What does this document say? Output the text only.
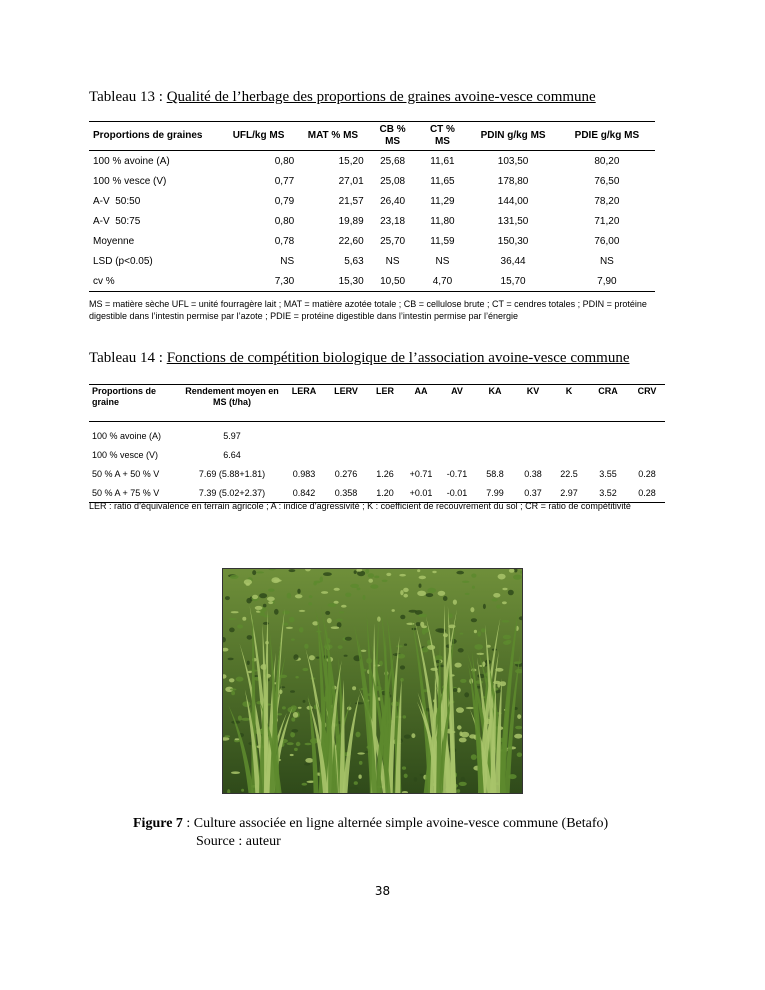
Tableau 13 : Qualité de l’herbage des proportions de graines avoine-vesce commune
Proportions de graines	UFL/kg MS	MAT % MS	CB % MS	CT % MS	PDIN g/kg MS	PDIE g/kg MS
100 % avoine (A)	0,80	15,20	25,68	11,61	103,50	80,20
100 % vesce (V)	0,77	27,01	25,08	11,65	178,80	76,50
A-V  50:50	0,79	21,57	26,40	11,29	144,00	78,20
A-V  50:75	0,80	19,89	23,18	11,80	131,50	71,20
Moyenne	0,78	22,60	25,70	11,59	150,30	76,00
LSD (p<0.05)	NS	5,63	NS	NS	36,44	NS
cv %	7,30	15,30	10,50	4,70	15,70	7,90
MS = matière sèche UFL = unité fourragère lait ; MAT = matière azotée totale ; CB = cellulose brute ; CT = cendres totales ; PDIN = protéine digestible dans l’intestin permise par l’azote ; PDIE = protéine digestible dans l’intestin permise par l’énergie
Tableau 14 : Fonctions de compétition biologique de l’association avoine-vesce commune
Proportions de graine	Rendement moyen en MS (t/ha)	LERA	LERV	LER	AA	AV	KA	KV	K	CRA	CRV
100 % avoine (A)	5.97										
100 % vesce (V)	6.64										
50 % A + 50 % V	7.69 (5.88+1.81)	0.983	0.276	1.26	+0.71	-0.71	58.8	0.38	22.5	3.55	0.28
50 % A + 75 % V	7.39 (5.02+2.37)	0.842	0.358	1.20	+0.01	-0.01	7.99	0.37	2.97	3.52	0.28
LER : ratio d’équivalence en terrain agricole ; A : indice d’agressivité ; K : coefficient de recouvrement du sol ; CR = ratio de compétitivité
Figure 7 : Culture associée en ligne alternée simple avoine-vesce commune (Betafo)
Source : auteur
38
